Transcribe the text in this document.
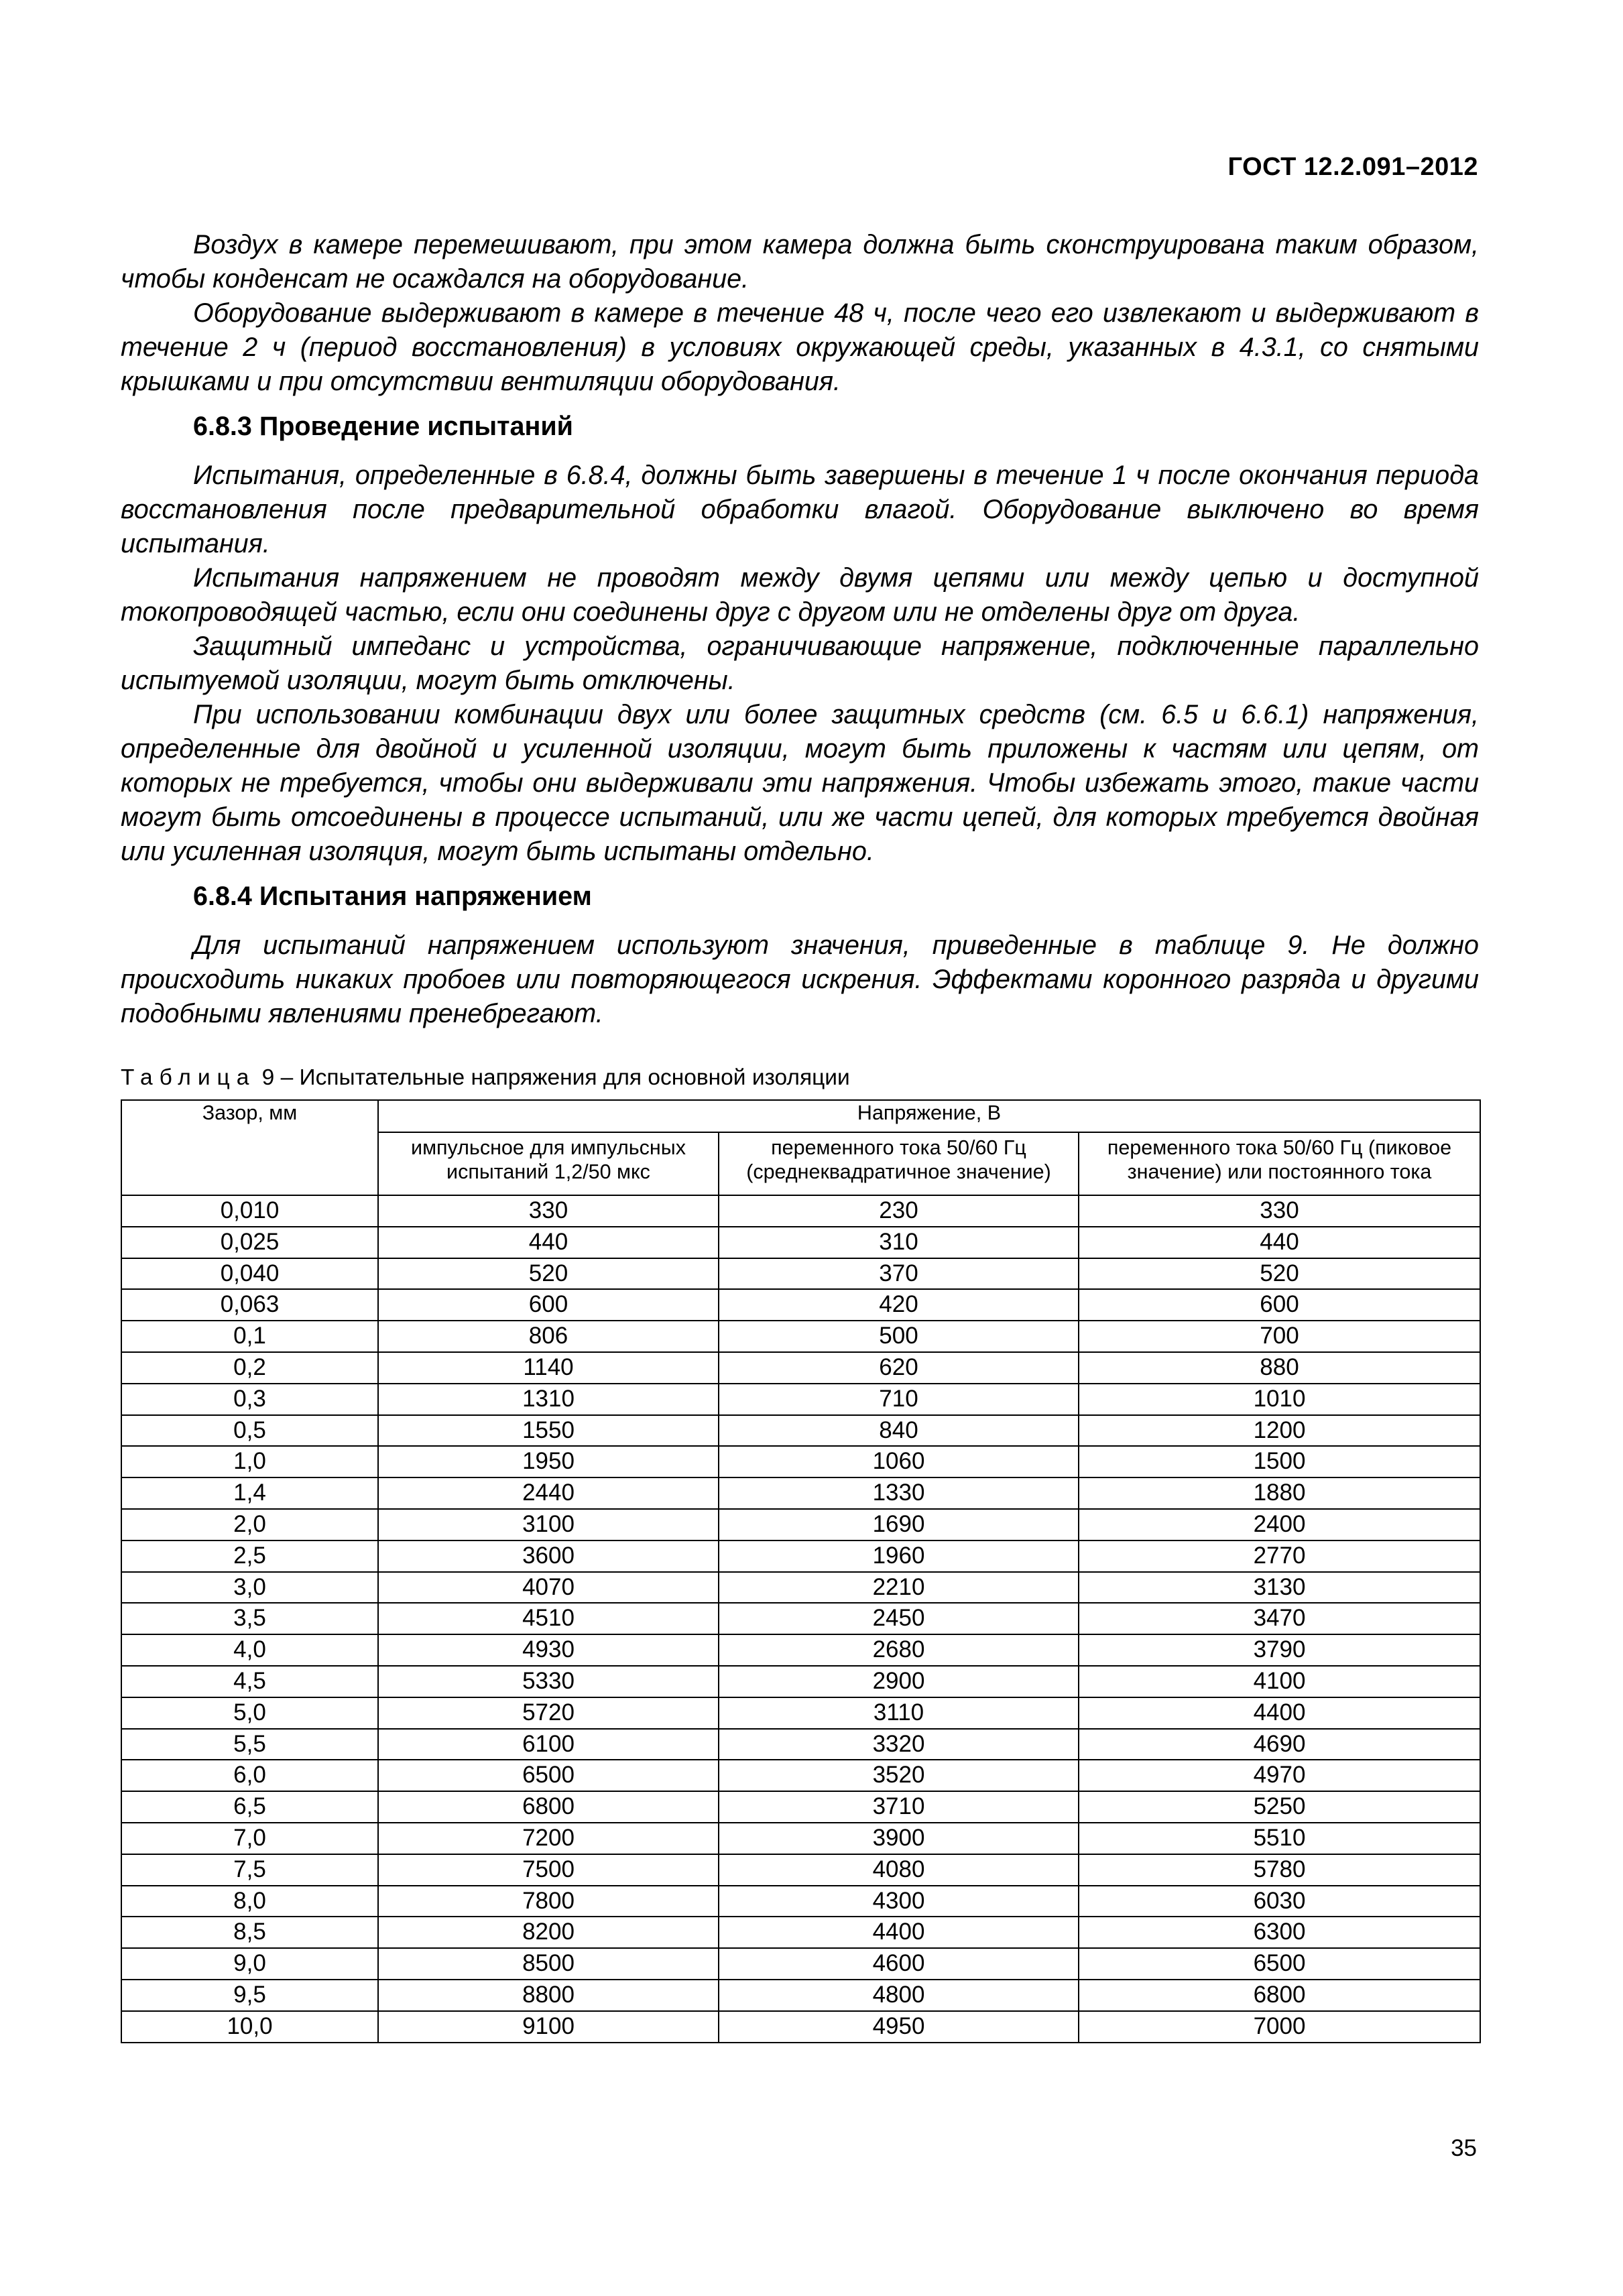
ГОСТ 12.2.091–2012

Воздух в камере перемешивают, при этом камера должна быть сконструирована таким образом, чтобы конденсат не осаждался на оборудование.

Оборудование выдерживают в камере в течение 48 ч, после чего его извлекают и выдерживают в течение 2 ч (период восстановления) в условиях окружающей среды, указанных в 4.3.1, со снятыми крышками и при отсутствии вентиляции оборудования.

6.8.3 Проведение испытаний

Испытания, определенные в 6.8.4, должны быть завершены в течение 1 ч после окончания периода восстановления после предварительной обработки влагой. Оборудование выключено во время испытания.

Испытания напряжением не проводят между двумя цепями или между цепью и доступной токопроводящей частью, если они соединены друг с другом или не отделены друг от друга.

Защитный импеданс и устройства, ограничивающие напряжение, подключенные параллельно испытуемой изоляции, могут быть отключены.

При использовании комбинации двух или более защитных средств (см. 6.5 и 6.6.1) напряжения, определенные для двойной и усиленной изоляции, могут быть приложены к частям или цепям, от которых не требуется, чтобы они выдерживали эти напряжения. Чтобы избежать этого, такие части могут быть отсоединены в процессе испытаний, или же части цепей, для которых требуется двойная или усиленная изоляция, могут быть испытаны отдельно.

6.8.4 Испытания напряжением

Для испытаний напряжением используют значения, приведенные в таблице 9. Не должно происходить никаких пробоев или повторяющегося искрения. Эффектами коронного разряда и другими подобными явлениями пренебрегают.

Таблица 9 – Испытательные напряжения для основной изоляции
Зазор, мм	Напряжение, В		
	импульсное для импульсных испытаний 1,2/50 мкс	переменного тока 50/60 Гц (среднеквадратичное значение)	переменного тока 50/60 Гц (пиковое значение) или постоянного тока
0,010	330	230	330
0,025	440	310	440
0,040	520	370	520
0,063	600	420	600
0,1	806	500	700
0,2	1140	620	880
0,3	1310	710	1010
0,5	1550	840	1200
1,0	1950	1060	1500
1,4	2440	1330	1880
2,0	3100	1690	2400
2,5	3600	1960	2770
3,0	4070	2210	3130
3,5	4510	2450	3470
4,0	4930	2680	3790
4,5	5330	2900	4100
5,0	5720	3110	4400
5,5	6100	3320	4690
6,0	6500	3520	4970
6,5	6800	3710	5250
7,0	7200	3900	5510
7,5	7500	4080	5780
8,0	7800	4300	6030
8,5	8200	4400	6300
9,0	8500	4600	6500
9,5	8800	4800	6800
10,0	9100	4950	7000
35
